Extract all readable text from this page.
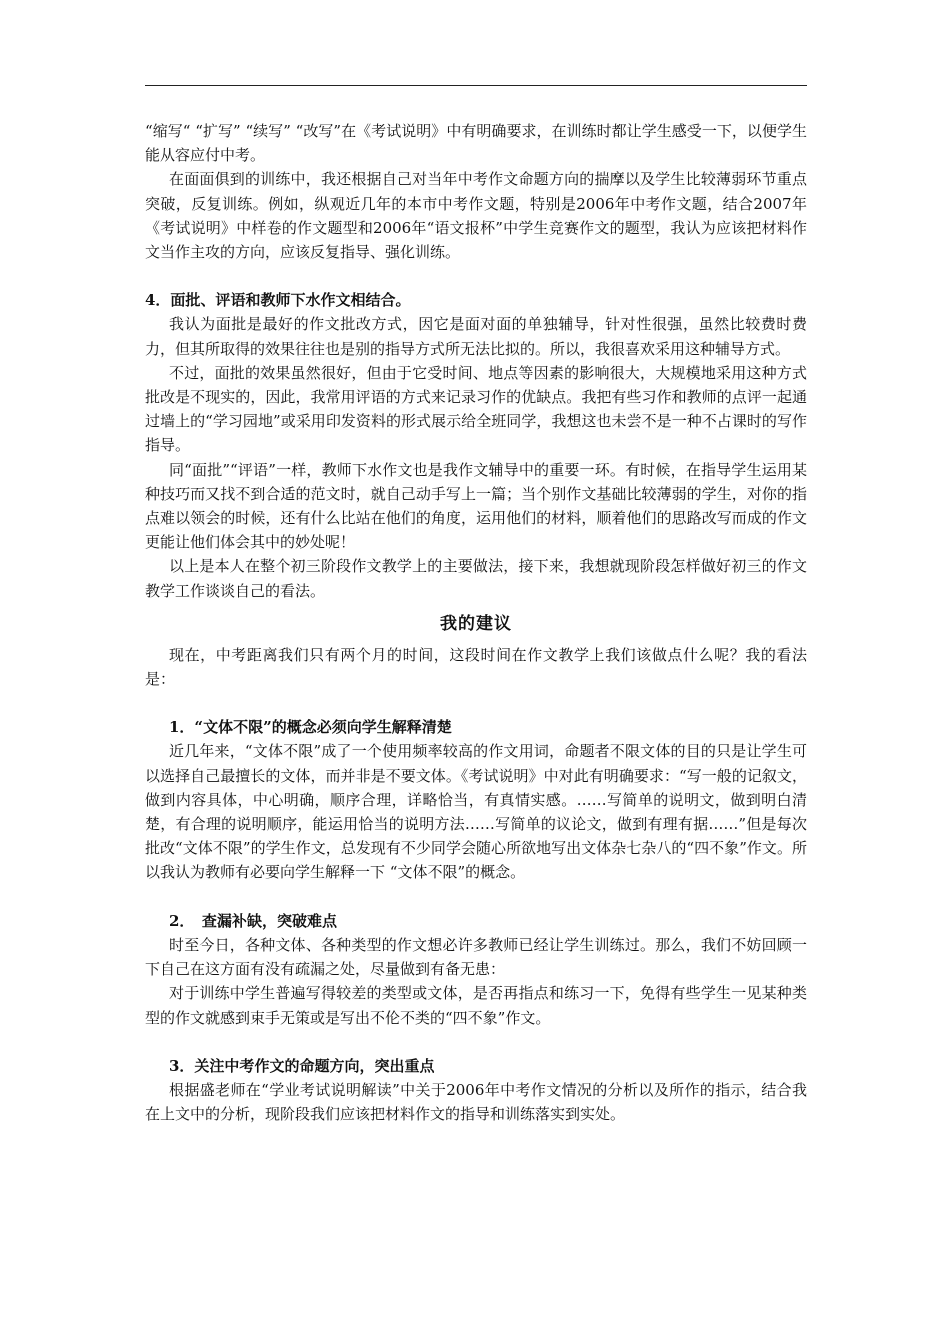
“缩写“ “扩写” “续写” “改写”在《考试说明》中有明确要求，在训练时都让学生感受一下，以便学生能从容应付中考。

在面面俱到的训练中，我还根据自己对当年中考作文命题方向的揣摩以及学生比较薄弱环节重点突破，反复训练。例如，纵观近几年的本市中考作文题，特别是2006年中考作文题，结合2007年《考试说明》中样卷的作文题型和2006年“语文报杯”中学生竞赛作文的题型，我认为应该把材料作文当作主攻的方向，应该反复指导、强化训练。

4．面批、评语和教师下水作文相结合。

我认为面批是最好的作文批改方式，因它是面对面的单独辅导，针对性很强，虽然比较费时费力，但其所取得的效果往往也是别的指导方式所无法比拟的。所以，我很喜欢采用这种辅导方式。

不过，面批的效果虽然很好，但由于它受时间、地点等因素的影响很大，大规模地采用这种方式批改是不现实的，因此，我常用评语的方式来记录习作的优缺点。我把有些习作和教师的点评一起通过墙上的“学习园地”或采用印发资料的形式展示给全班同学，我想这也未尝不是一种不占课时的写作指导。

同“面批”“评语”一样，教师下水作文也是我作文辅导中的重要一环。有时候，在指导学生运用某种技巧而又找不到合适的范文时，就自己动手写上一篇；当个别作文基础比较薄弱的学生，对你的指点难以领会的时候，还有什么比站在他们的角度，运用他们的材料，顺着他们的思路改写而成的作文更能让他们体会其中的妙处呢！

以上是本人在整个初三阶段作文教学上的主要做法，接下来，我想就现阶段怎样做好初三的作文教学工作谈谈自己的看法。

我的建议

现在，中考距离我们只有两个月的时间，这段时间在作文教学上我们该做点什么呢？我的看法是：

1．“文体不限”的概念必须向学生解释清楚

近几年来，“文体不限”成了一个使用频率较高的作文用词，命题者不限文体的目的只是让学生可以选择自己最擅长的文体，而并非是不要文体。《考试说明》中对此有明确要求：“写一般的记叙文，做到内容具体，中心明确，顺序合理，详略恰当，有真情实感。……写简单的说明文，做到明白清楚，有合理的说明顺序，能运用恰当的说明方法……写简单的议论文，做到有理有据……”但是每次批改“文体不限”的学生作文，总发现有不少同学会随心所欲地写出文体杂七杂八的“四不象”作文。所以我认为教师有必要向学生解释一下 “文体不限”的概念。

2．　查漏补缺，突破难点

时至今日，各种文体、各种类型的作文想必许多教师已经让学生训练过。那么，我们不妨回顾一下自己在这方面有没有疏漏之处，尽量做到有备无患：

对于训练中学生普遍写得较差的类型或文体，是否再指点和练习一下，免得有些学生一见某种类型的作文就感到束手无策或是写出不伦不类的“四不象”作文。

3．关注中考作文的命题方向，突出重点

根据盛老师在“学业考试说明解读”中关于2006年中考作文情况的分析以及所作的指示，结合我在上文中的分析，现阶段我们应该把材料作文的指导和训练落实到实处。
